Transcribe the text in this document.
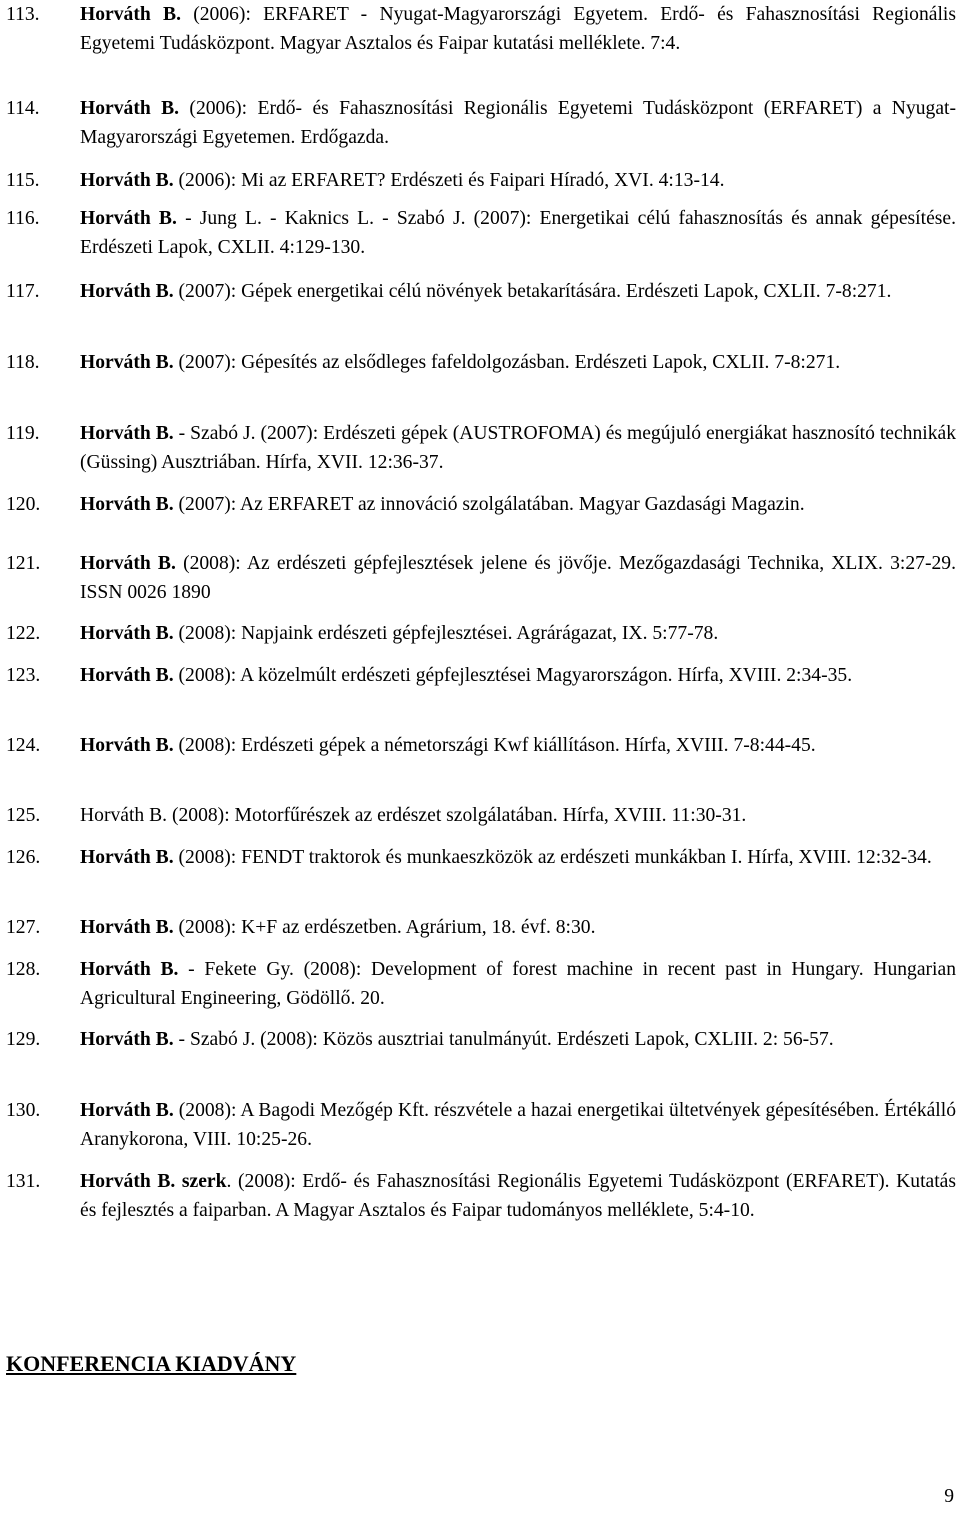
113.	Horváth B. (2006): ERFARET - Nyugat-Magyarországi Egyetem. Erdő- és Fahasznosítási Regionális Egyetemi Tudásközpont. Magyar Asztalos és Faipar kutatási melléklete. 7:4.
114.	Horváth B. (2006): Erdő- és Fahasznosítási Regionális Egyetemi Tudásközpont (ERFARET) a Nyugat-Magyarországi Egyetemen. Erdőgazda.
115.	Horváth B. (2006): Mi az ERFARET? Erdészeti és Faipari Híradó, XVI. 4:13-14.
116.	Horváth B. - Jung L. - Kaknics L. - Szabó J. (2007): Energetikai célú fahasznosítás és annak gépesítése. Erdészeti Lapok, CXLII. 4:129-130.
117.	Horváth B. (2007): Gépek energetikai célú növények betakarítására. Erdészeti Lapok, CXLII. 7-8:271.
118.	Horváth B. (2007): Gépesítés az elsődleges fafeldolgozásban. Erdészeti Lapok, CXLII. 7-8:271.
119.	Horváth B. - Szabó J. (2007): Erdészeti gépek (AUSTROFOMA) és megújuló energiákat hasznosító technikák (Güssing) Ausztriában. Hírfa, XVII. 12:36-37.
120.	Horváth B. (2007): Az ERFARET az innováció szolgálatában. Magyar Gazdasági Magazin.
121.	Horváth B. (2008): Az erdészeti gépfejlesztések jelene és jövője. Mezőgazdasági Technika, XLIX. 3:27-29. ISSN 0026 1890
122.	Horváth B. (2008): Napjaink erdészeti gépfejlesztései. Agrárágazat, IX. 5:77-78.
123.	Horváth B. (2008): A közelmúlt erdészeti gépfejlesztései Magyarországon. Hírfa, XVIII. 2:34-35.
124.	Horváth B. (2008): Erdészeti gépek a németországi Kwf kiállításon. Hírfa, XVIII. 7-8:44-45.
125.	Horváth B. (2008): Motorfűrészek az erdészet szolgálatában. Hírfa, XVIII. 11:30-31.
126.	Horváth B. (2008): FENDT traktorok és munkaeszközök az erdészeti munkákban I. Hírfa, XVIII. 12:32-34.
127.	Horváth B. (2008): K+F az erdészetben. Agrárium, 18. évf. 8:30.
128.	Horváth B. - Fekete Gy. (2008): Development of forest machine in recent past in Hungary. Hungarian Agricultural Engineering, Gödöllő. 20.
129.	Horváth B. - Szabó J. (2008): Közös ausztriai tanulmányút. Erdészeti Lapok, CXLIII. 2: 56-57.
130.	Horváth B. (2008): A Bagodi Mezőgép Kft. részvétele a hazai energetikai ültetvények gépesítésében. Értékálló Aranykorona, VIII. 10:25-26.
131.	Horváth B. szerk. (2008): Erdő- és Fahasznosítási Regionális Egyetemi Tudásközpont (ERFARET). Kutatás és fejlesztés a faiparban. A Magyar Asztalos és Faipar tudományos melléklete, 5:4-10.
KONFERENCIA KIADVÁNY
9
